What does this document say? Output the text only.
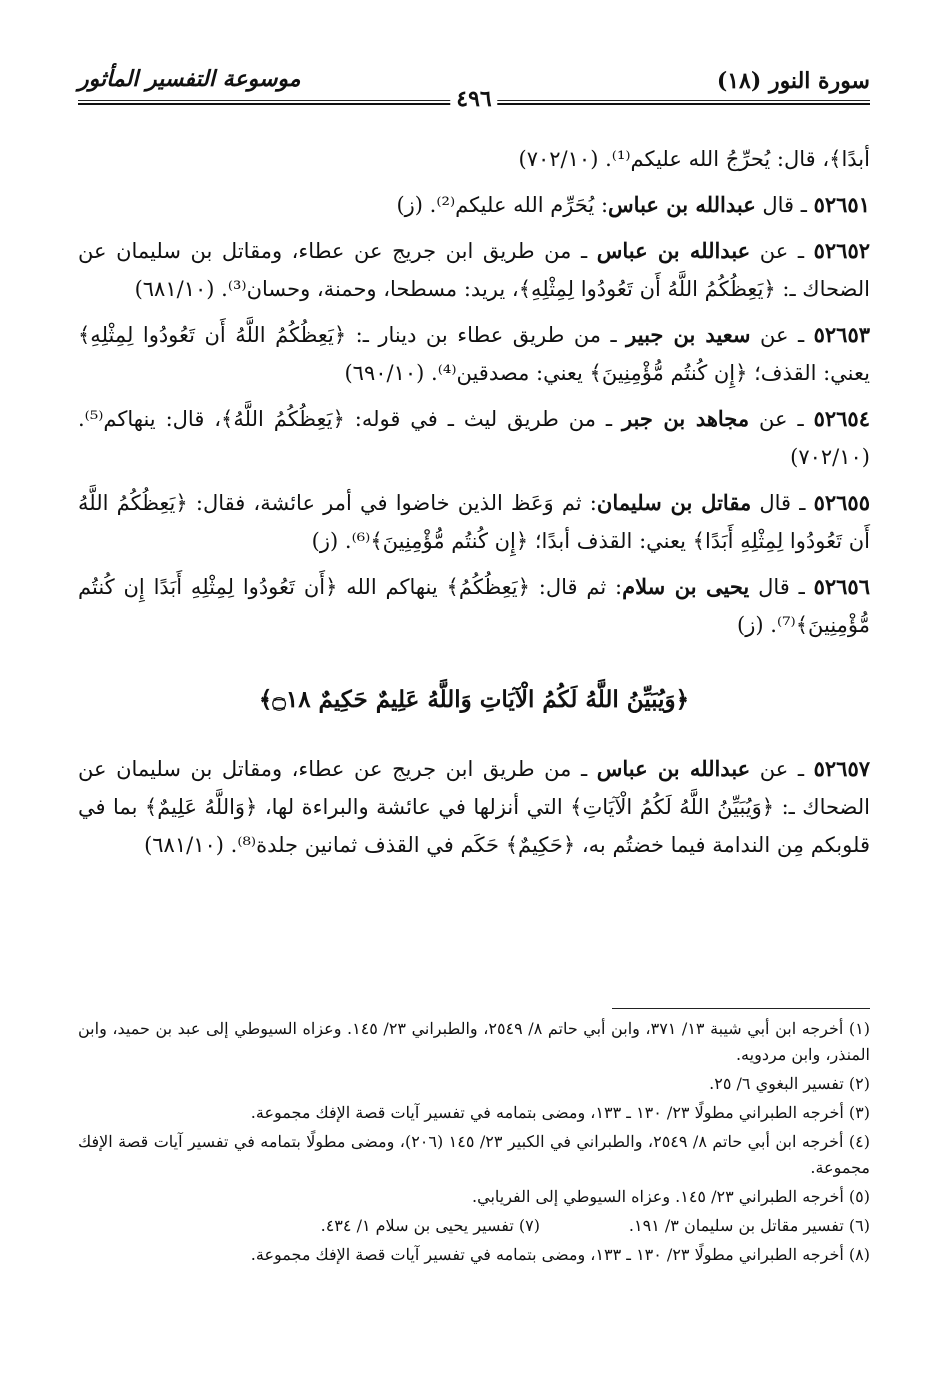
سورة النور (١٨)
موسوعة التفسير المأثور
٤٩٦

أبدًا﴾، قال: يُحرِّجُ الله عليكم⁽¹⁾. (٧٠٢/١٠)

٥٢٦٥١ ـ قال عبدالله بن عباس: يُحَرِّم الله عليكم⁽²⁾. (ز)

٥٢٦٥٢ ـ عن عبدالله بن عباس ـ من طريق ابن جريج عن عطاء، ومقاتل بن سليمان عن الضحاك ـ: ﴿يَعِظُكُمُ اللَّهُ أَن تَعُودُوا لِمِثْلِهِ﴾، يريد: مسطحا، وحمنة، وحسان⁽³⁾. (٦٨١/١٠)

٥٢٦٥٣ ـ عن سعيد بن جبير ـ من طريق عطاء بن دينار ـ: ﴿يَعِظُكُمُ اللَّهُ أَن تَعُودُوا لِمِثْلِهِ﴾ يعني: القذف؛ ﴿إِن كُنتُم مُّؤْمِنِينَ﴾ يعني: مصدقين⁽⁴⁾. (٦٩٠/١٠)

٥٢٦٥٤ ـ عن مجاهد بن جبر ـ من طريق ليث ـ في قوله: ﴿يَعِظُكُمُ اللَّهُ﴾، قال: ينهاكم⁽⁵⁾. (٧٠٢/١٠)

٥٢٦٥٥ ـ قال مقاتل بن سليمان: ثم وَعَظ الذين خاضوا في أمر عائشة، فقال: ﴿يَعِظُكُمُ اللَّهُ أَن تَعُودُوا لِمِثْلِهِ أَبَدًا﴾ يعني: القذف أبدًا؛ ﴿إِن كُنتُم مُّؤْمِنِينَ﴾⁽⁶⁾. (ز)

٥٢٦٥٦ ـ قال يحيى بن سلام: ثم قال: ﴿يَعِظُكُمُ﴾ ينهاكم الله ﴿أَن تَعُودُوا لِمِثْلِهِ أَبَدًا إِن كُنتُم مُّؤْمِنِينَ﴾⁽⁷⁾. (ز)

﴿وَيُبَيِّنُ اللَّهُ لَكُمُ الْآيَاتِ وَاللَّهُ عَلِيمٌ حَكِيمٌ ۝١٨﴾

٥٢٦٥٧ ـ عن عبدالله بن عباس ـ من طريق ابن جريج عن عطاء، ومقاتل بن سليمان عن الضحاك ـ: ﴿وَيُبَيِّنُ اللَّهُ لَكُمُ الْآيَاتِ﴾ التي أنزلها في عائشة والبراءة لها، ﴿وَاللَّهُ عَلِيمٌ﴾ بما في قلوبكم مِن الندامة فيما خضتُم به، ﴿حَكِيمٌ﴾ حَكَم في القذف ثمانين جلدة⁽⁸⁾. (٦٨١/١٠)

(١) أخرجه ابن أبي شيبة ١٣/ ٣٧١، وابن أبي حاتم ٨/ ٢٥٤٩، والطبراني ٢٣/ ١٤٥. وعزاه السيوطي إلى عبد بن حميد، وابن المنذر، وابن مردويه.

(٢) تفسير البغوي ٦/ ٢٥.

(٣) أخرجه الطبراني مطولًا ٢٣/ ١٣٠ ـ ١٣٣، ومضى بتمامه في تفسير آيات قصة الإفك مجموعة.

(٤) أخرجه ابن أبي حاتم ٨/ ٢٥٤٩، والطبراني في الكبير ٢٣/ ١٤٥ (٢٠٦)، ومضى مطولًا بتمامه في تفسير آيات قصة الإفك مجموعة.

(٥) أخرجه الطبراني ٢٣/ ١٤٥. وعزاه السيوطي إلى الفريابي.

(٦) تفسير مقاتل بن سليمان ٣/ ١٩١.
(٧) تفسير يحيى بن سلام ١/ ٤٣٤.

(٨) أخرجه الطبراني مطولًا ٢٣/ ١٣٠ ـ ١٣٣، ومضى بتمامه في تفسير آيات قصة الإفك مجموعة.
